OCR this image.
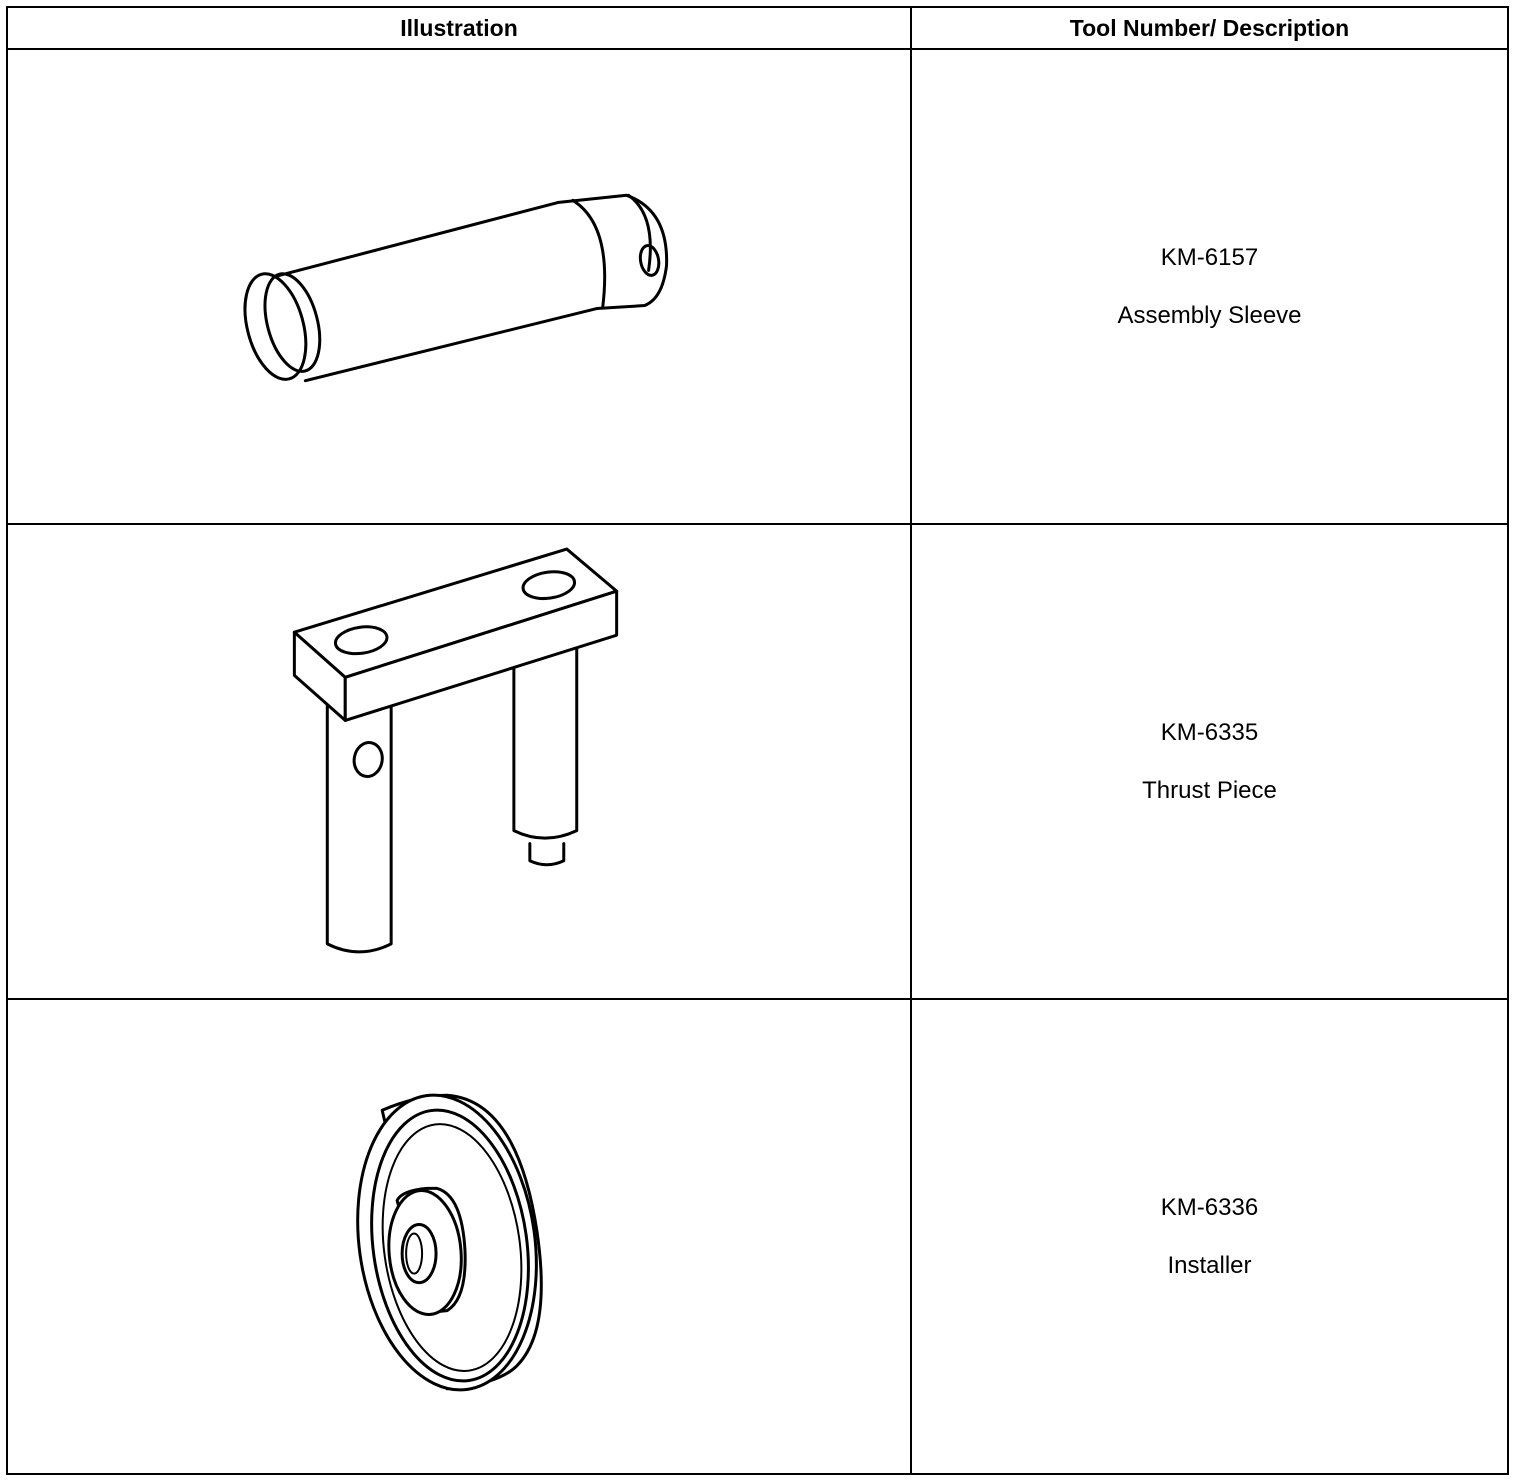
Illustration	Tool Number/ Description

KM-6157
Assembly Sleeve

KM-6335
Thrust Piece

KM-6336
Installer
